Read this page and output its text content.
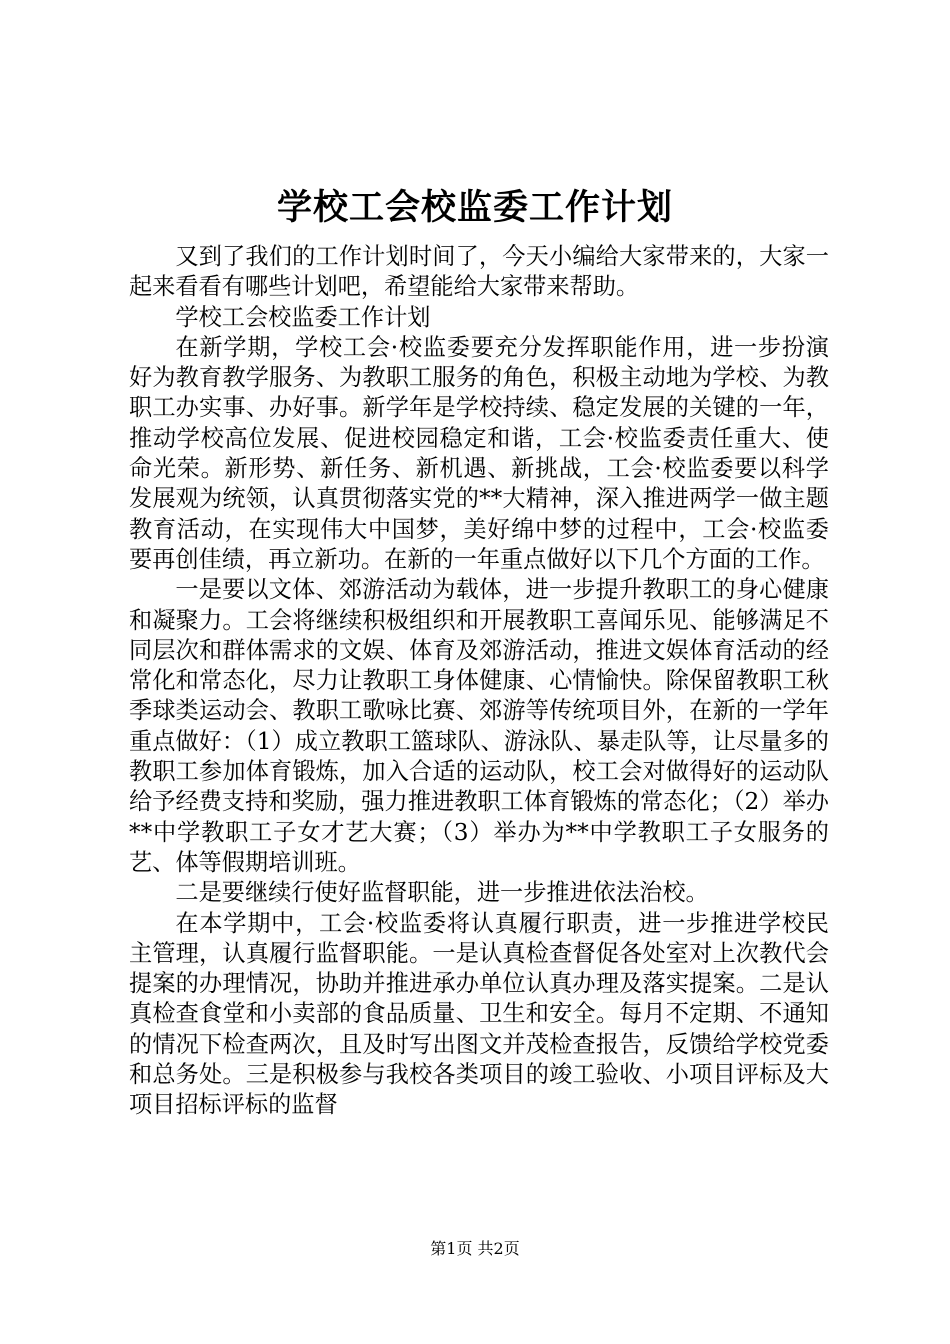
学校工会校监委工作计划

又到了我们的工作计划时间了，今天小编给大家带来的，大家一起来看看有哪些计划吧，希望能给大家带来帮助。

学校工会校监委工作计划

在新学期，学校工会·校监委要充分发挥职能作用，进一步扮演好为教育教学服务、为教职工服务的角色，积极主动地为学校、为教职工办实事、办好事。新学年是学校持续、稳定发展的关键的一年，推动学校高位发展、促进校园稳定和谐，工会·校监委责任重大、使命光荣。新形势、新任务、新机遇、新挑战，工会·校监委要以科学发展观为统领，认真贯彻落实党的**大精神，深入推进两学一做主题教育活动，在实现伟大中国梦，美好绵中梦的过程中，工会·校监委要再创佳绩，再立新功。在新的一年重点做好以下几个方面的工作。

一是要以文体、郊游活动为载体，进一步提升教职工的身心健康和凝聚力。工会将继续积极组织和开展教职工喜闻乐见、能够满足不同层次和群体需求的文娱、体育及郊游活动，推进文娱体育活动的经常化和常态化，尽力让教职工身体健康、心情愉快。除保留教职工秋季球类运动会、教职工歌咏比赛、郊游等传统项目外，在新的一学年重点做好：（1）成立教职工篮球队、游泳队、暴走队等，让尽量多的教职工参加体育锻炼，加入合适的运动队，校工会对做得好的运动队给予经费支持和奖励，强力推进教职工体育锻炼的常态化；（2）举办**中学教职工子女才艺大赛；（3）举办为**中学教职工子女服务的艺、体等假期培训班。

二是要继续行使好监督职能，进一步推进依法治校。

在本学期中，工会·校监委将认真履行职责，进一步推进学校民主管理，认真履行监督职能。一是认真检查督促各处室对上次教代会提案的办理情况，协助并推进承办单位认真办理及落实提案。二是认真检查食堂和小卖部的食品质量、卫生和安全。每月不定期、不通知的情况下检查两次，且及时写出图文并茂检查报告，反馈给学校党委和总务处。三是积极参与我校各类项目的竣工验收、小项目评标及大项目招标评标的监督

第1页 共2页
